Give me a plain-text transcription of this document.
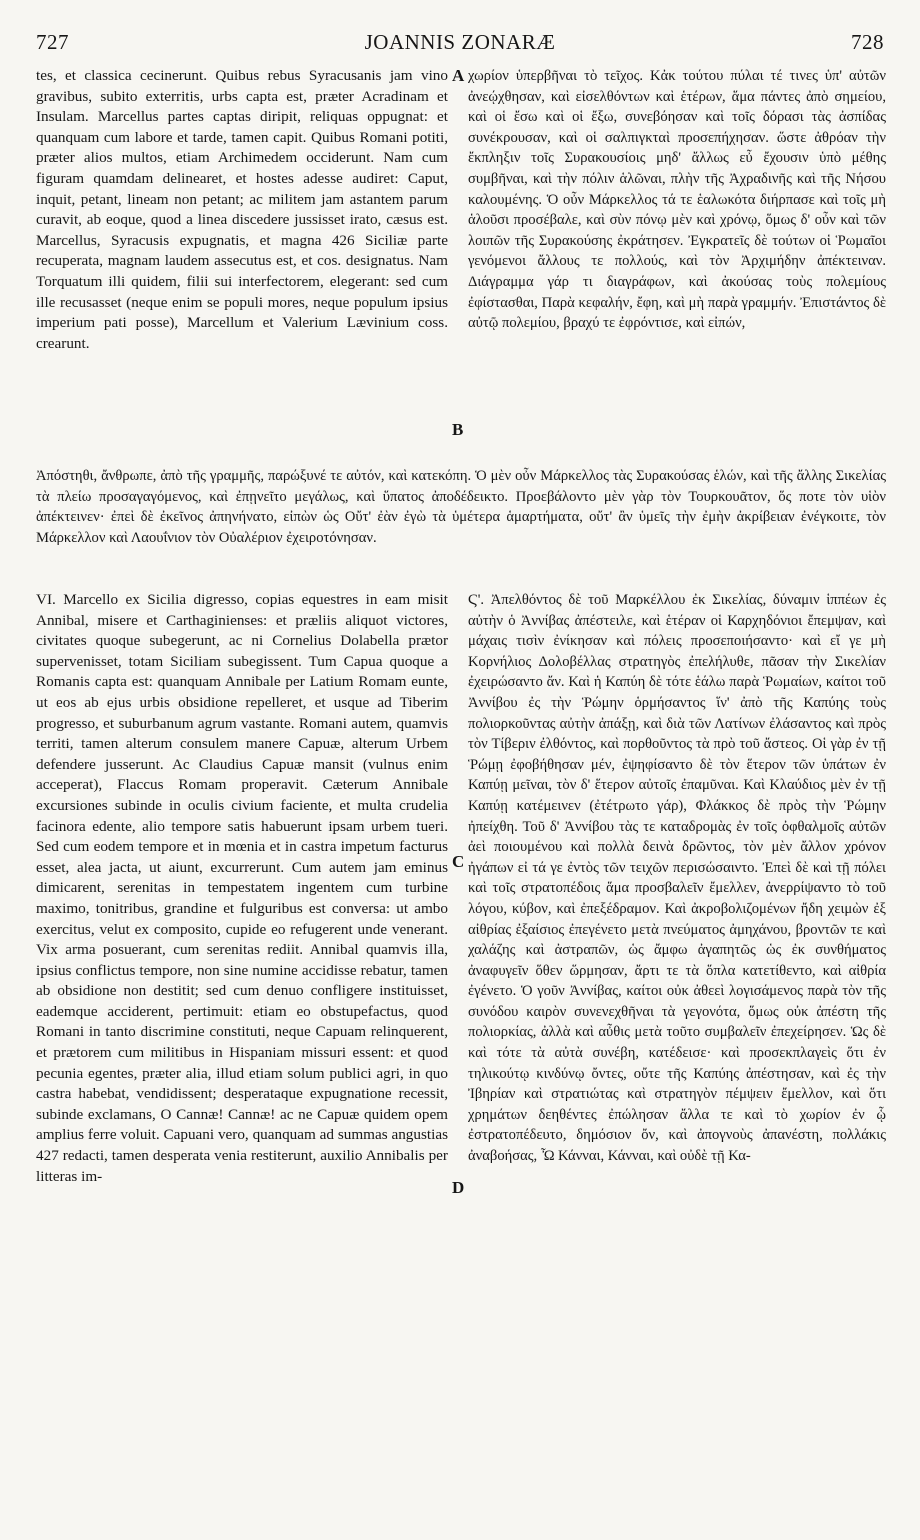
727	JOANNIS ZONARÆ	728

tes, et classica cecinerunt. Quibus rebus Syracusanis jam vino gravibus, subito exterritis, urbs capta est, præter Acradinam et Insulam. Marcellus partes captas diripit, reliquas oppugnat: et quanquam cum labore et tarde, tamen capit. Quibus Romani potiti, præter alios multos, etiam Archimedem occiderunt. Nam cum figuram quamdam delinearet, et hostes adesse audiret: Caput, inquit, petant, lineam non petant; ac militem jam astantem parum curavit, ab eoque, quod a linea discedere jussisset irato, cæsus est. Marcellus, Syracusis expugnatis, et magna 426 Siciliæ parte recuperata, magnam laudem assecutus est, et cos. designatus. Nam Torquatum illi quidem, filii sui interfectorem, elegerant: sed cum ille recusasset (neque enim se populi mores, neque populum ipsius imperium pati posse), Marcellum et Valerium Lævinium coss. crearunt.

A
B

χωρίον ὑπερβῆναι τὸ τεῖχος. Κἀκ τούτου πύλαι τέ τινες ὑπ' αὐτῶν ἀνεῴχθησαν, καὶ εἰσελθόντων καὶ ἑτέρων, ἅμα πάντες ἀπὸ σημείου, καὶ οἱ ἔσω καὶ οἱ ἔξω, συνεβόησαν καὶ τοῖς δόρασι τὰς ἀσπίδας συνέκρουσαν, καὶ οἱ σαλπιγκταὶ προσεπήχησαν. ὥστε ἀθρόαν τὴν ἔκπληξιν τοῖς Συρακουσίοις μηδ' ἄλλως εὖ ἔχουσιν ὑπὸ μέθης συμβῆναι, καὶ τὴν πόλιν ἁλῶναι, πλὴν τῆς Ἀχραδινῆς καὶ τῆς Νήσου καλουμένης. Ὁ οὖν Μάρκελλος τά τε ἑαλωκότα διήρπασε καὶ τοῖς μὴ ἁλοῦσι προσέβαλε, καὶ σὺν πόνῳ μὲν καὶ χρόνῳ, ὅμως δ' οὖν καὶ τῶν λοιπῶν τῆς Συρακούσης ἐκράτησεν. Ἐγκρατεῖς δὲ τούτων οἱ Ῥωμαῖοι γενόμενοι ἄλλους τε πολλούς, καὶ τὸν Ἀρχιμήδην ἀπέκτειναν. Διάγραμμα γάρ τι διαγράφων, καὶ ἀκούσας τοὺς πολεμίους ἐφίστασθαι, Παρὰ κεφαλήν, ἔφη, καὶ μὴ παρὰ γραμμήν. Ἐπιστάντος δὲ αὐτῷ πολεμίου, βραχύ τε ἐφρόντισε, καὶ εἰπών,

Ἀπόστηθι, ἄνθρωπε, ἀπὸ τῆς γραμμῆς, παρώξυνέ τε αὐτόν, καὶ κατεκόπη. Ὁ μὲν οὖν Μάρκελλος τὰς Συρακούσας ἑλών, καὶ τῆς ἄλλης Σικελίας τὰ πλείω προσαγαγόμενος, καὶ ἐπῃνεῖτο μεγάλως, καὶ ὕπατος ἀποδέδεικτο. Προεβάλοντο μὲν γὰρ τὸν Τουρκουᾶτον, ὅς ποτε τὸν υἱὸν ἀπέκτεινεν· ἐπεὶ δὲ ἐκεῖνος ἀπηνήνατο, εἰπὼν ὡς Οὔτ' ἐὰν ἐγὼ τὰ ὑμέτερα ἁμαρτήματα, οὔτ' ἂν ὑμεῖς τὴν ἐμὴν ἀκρίβειαν ἐνέγκοιτε, τὸν Μάρκελλον καὶ Λαουΐνιον τὸν Οὐαλέριον ἐχειροτόνησαν.

VI. Marcello ex Sicilia digresso, copias equestres in eam misit Annibal, misere et Carthaginienses: et præliis aliquot victores, civitates quoque subegerunt, ac ni Cornelius Dolabella prætor supervenisset, totam Siciliam subegissent. Tum Capua quoque a Romanis capta est: quanquam Annibale per Latium Romam eunte, ut eos ab ejus urbis obsidione repelleret, et usque ad Tiberim progresso, et suburbanum agrum vastante. Romani autem, quamvis territi, tamen alterum consulem manere Capuæ, alterum Urbem defendere jusserunt. Ac Claudius Capuæ mansit (vulnus enim acceperat), Flaccus Romam properavit. Cæterum Annibale excursiones subinde in oculis civium faciente, et multa crudelia facinora edente, alio tempore satis habuerunt ipsam urbem tueri. Sed cum eodem tempore et in mœnia et in castra impetum facturus esset, alea jacta, ut aiunt, excurrerunt. Cum autem jam eminus dimicarent, serenitas in tempestatem ingentem cum turbine maximo, tonitribus, grandine et fulguribus est conversa: ut ambo exercitus, velut ex composito, cupide eo refugerent unde venerant. Vix arma posuerant, cum serenitas rediit. Annibal quamvis illa, ipsius conflictus tempore, non sine numine accidisse rebatur, tamen ab obsidione non destitit; sed cum denuo confligere instituisset, eademque acciderent, pertimuit: etiam eo obstupefactus, quod Romani in tanto discrimine constituti, neque Capuam relinquerent, et prætorem cum militibus in Hispaniam missuri essent: et quod pecunia egentes, præter alia, illud etiam solum publici agri, in quo castra habebat, vendidissent; desperataque expugnatione recessit, subinde exclamans, O Cannæ! Cannæ! ac ne Capuæ quidem opem amplius ferre voluit. Capuani vero, quanquam ad summas angustias 427 redacti, tamen desperata venia restiterunt, auxilio Annibalis per litteras im-

C
D

Ϛ'. Ἀπελθόντος δὲ τοῦ Μαρκέλλου ἐκ Σικελίας, δύναμιν ἱππέων ἐς αὐτὴν ὁ Ἀννίβας ἀπέστειλε, καὶ ἑτέραν οἱ Καρχηδόνιοι ἔπεμψαν, καὶ μάχαις τισὶν ἐνίκησαν καὶ πόλεις προσεποιήσαντο· καὶ εἴ γε μὴ Κορνήλιος Δολοβέλλας στρατηγὸς ἐπελήλυθε, πᾶσαν τὴν Σικελίαν ἐχειρώσαντο ἄν. Καὶ ἡ Καπύη δὲ τότε ἑάλω παρὰ Ῥωμαίων, καίτοι τοῦ Ἀννίβου ἐς τὴν Ῥώμην ὁρμήσαντος ἵν' ἀπὸ τῆς Καπύης τοὺς πολιορκοῦντας αὐτὴν ἀπάξῃ, καὶ διὰ τῶν Λατίνων ἐλάσαντος καὶ πρὸς τὸν Τίβεριν ἐλθόντος, καὶ πορθοῦντος τὰ πρὸ τοῦ ἄστεος. Οἱ γὰρ ἐν τῇ Ῥώμῃ ἐφοβήθησαν μέν, ἐψηφίσαντο δὲ τὸν ἕτερον τῶν ὑπάτων ἐν Καπύῃ μεῖναι, τὸν δ' ἕτερον αὐτοῖς ἐπαμῦναι. Καὶ Κλαύδιος μὲν ἐν τῇ Καπύῃ κατέμεινεν (ἐτέτρωτο γάρ), Φλάκκος δὲ πρὸς τὴν Ῥώμην ἠπείχθη. Τοῦ δ' Ἀννίβου τὰς τε καταδρομὰς ἐν τοῖς ὀφθαλμοῖς αὐτῶν ἀεὶ ποιουμένου καὶ πολλὰ δεινὰ δρῶντος, τὸν μὲν ἄλλον χρόνον ἠγάπων εἰ τά γε ἐντὸς τῶν τειχῶν περισώσαιντο. Ἐπεὶ δὲ καὶ τῇ πόλει καὶ τοῖς στρατοπέδοις ἅμα προσβαλεῖν ἔμελλεν, ἀνερρίψαντο τὸ τοῦ λόγου, κύβον, καὶ ἐπεξέδραμον. Καὶ ἀκροβολιζομένων ἤδη χειμὼν ἐξ αἰθρίας ἐξαίσιος ἐπεγένετο μετὰ πνεύματος ἀμηχάνου, βροντῶν τε καὶ χαλάζης καὶ ἀστραπῶν, ὡς ἄμφω ἀγαπητῶς ὡς ἐκ συνθήματος ἀναφυγεῖν ὅθεν ὥρμησαν, ἄρτι τε τὰ ὅπλα κατετίθεντο, καὶ αἰθρία ἐγένετο. Ὁ γοῦν Ἀννίβας, καίτοι οὐκ ἀθεεὶ λογισάμενος παρὰ τὸν τῆς συνόδου καιρὸν συνενεχθῆναι τὰ γεγονότα, ὅμως οὐκ ἀπέστη τῆς πολιορκίας, ἀλλὰ καὶ αὖθις μετὰ τοῦτο συμβαλεῖν ἐπεχείρησεν. Ὡς δὲ καὶ τότε τὰ αὐτὰ συνέβη, κατέδεισε· καὶ προσεκπλαγεὶς ὅτι ἐν τηλικούτῳ κινδύνῳ ὄντες, οὔτε τῆς Καπύης ἀπέστησαν, καὶ ἐς τὴν Ἰβηρίαν καὶ στρατιώτας καὶ στρατηγὸν πέμψειν ἔμελλον, καὶ ὅτι χρημάτων δεηθέντες ἐπώλησαν ἄλλα τε καὶ τὸ χωρίον ἐν ᾧ ἐστρατοπέδευτο, δημόσιον ὄν, καὶ ἀπογνοὺς ἀπανέστη, πολλάκις ἀναβοήσας, Ὦ Κάνναι, Κάνναι, καὶ οὐδὲ τῇ Κα-
